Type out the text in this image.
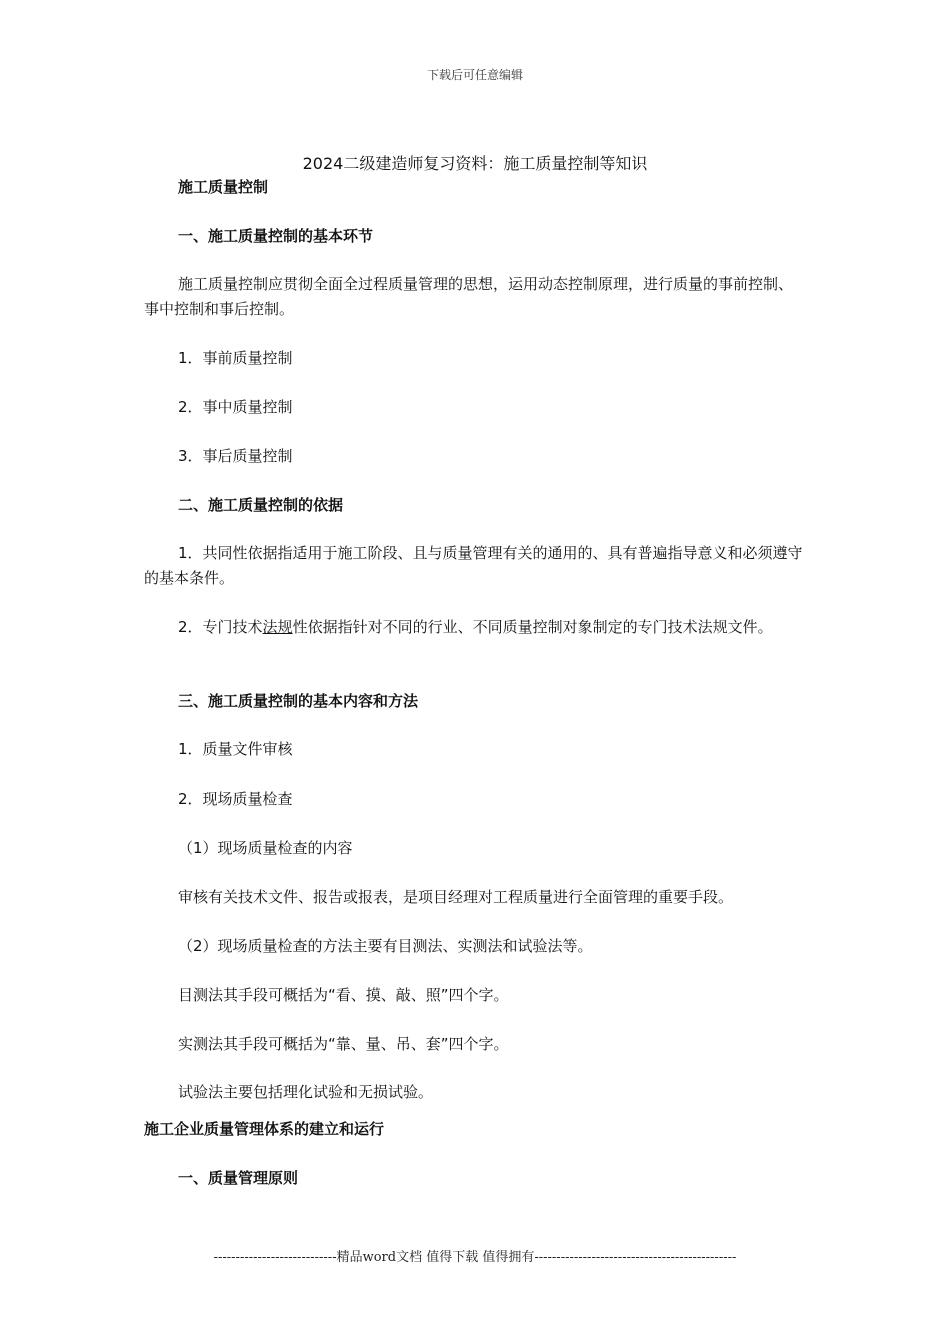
下载后可任意编辑
2024二级建造师复习资料：施工质量控制等知识
施工质量控制
一、施工质量控制的基本环节
施工质量控制应贯彻全面全过程质量管理的思想，运用动态控制原理，进行质量的事前控制、事中控制和事后控制。
1．事前质量控制
2．事中质量控制
3．事后质量控制
二、施工质量控制的依据
1．共同性依据指适用于施工阶段、且与质量管理有关的通用的、具有普遍指导意义和必须遵守的基本条件。
2．专门技术法规性依据指针对不同的行业、不同质量控制对象制定的专门技术法规文件。
三、施工质量控制的基本内容和方法
1．质量文件审核
2．现场质量检查
（1）现场质量检查的内容
审核有关技术文件、报告或报表，是项目经理对工程质量进行全面管理的重要手段。
（2）现场质量检查的方法主要有目测法、实测法和试验法等。
目测法其手段可概括为“看、摸、敲、照”四个字。
实测法其手段可概括为“靠、量、吊、套”四个字。
试验法主要包括理化试验和无损试验。
施工企业质量管理体系的建立和运行
一、质量管理原则
----------------------------精品word文档 值得下载 值得拥有----------------------------------------------
